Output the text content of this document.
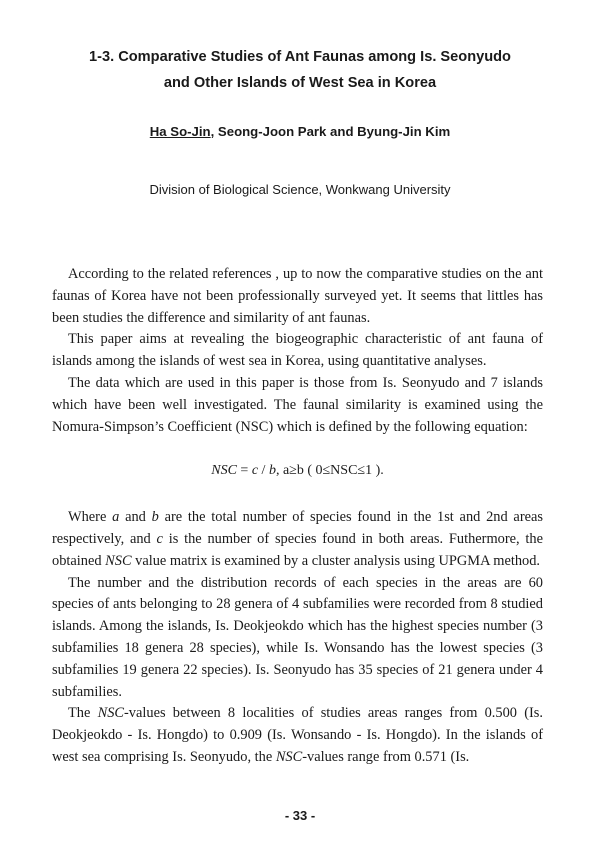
1-3. Comparative Studies of Ant Faunas among Is. Seonyudo
and Other Islands of West Sea in Korea

Ha So-Jin, Seong-Joon Park and Byung-Jin Kim

Division of Biological Science, Wonkwang University

According to the related references , up to now the comparative studies on the ant faunas of Korea have not been professionally surveyed yet. It seems that littles has been studies the difference and similarity of ant faunas.

This paper aims at revealing the biogeographic characteristic of ant fauna of islands among the islands of west sea in Korea, using quantitative analyses.

The data which are used in this paper is those from Is. Seonyudo and 7 islands which have been well investigated. The faunal similarity is examined using the Nomura-Simpson’s Coefficient (NSC) which is defined by the following equation:

NSC = c / b, a≥b ( 0≤NSC≤1 ).

Where a and b are the total number of species found in the 1st and 2nd areas respectively, and c is the number of species found in both areas. Futhermore, the obtained NSC value matrix is examined by a cluster analysis using UPGMA method.

The number and the distribution records of each species in the areas are 60 species of ants belonging to 28 genera of 4 subfamilies were recorded from 8 studied islands. Among the islands, Is. Deokjeokdo which has the highest species number (3 subfamilies 18 genera 28 species), while Is. Wonsando has the lowest species (3 subfamilies 19 genera 22 species). Is. Seonyudo has 35 species of 21 genera under 4 subfamilies.

The NSC-values between 8 localities of studies areas ranges from 0.500 (Is. Deokjeokdo - Is. Hongdo) to 0.909 (Is. Wonsando - Is. Hongdo). In the islands of west sea comprising Is. Seonyudo, the NSC-values range from 0.571 (Is.

- 33 -
